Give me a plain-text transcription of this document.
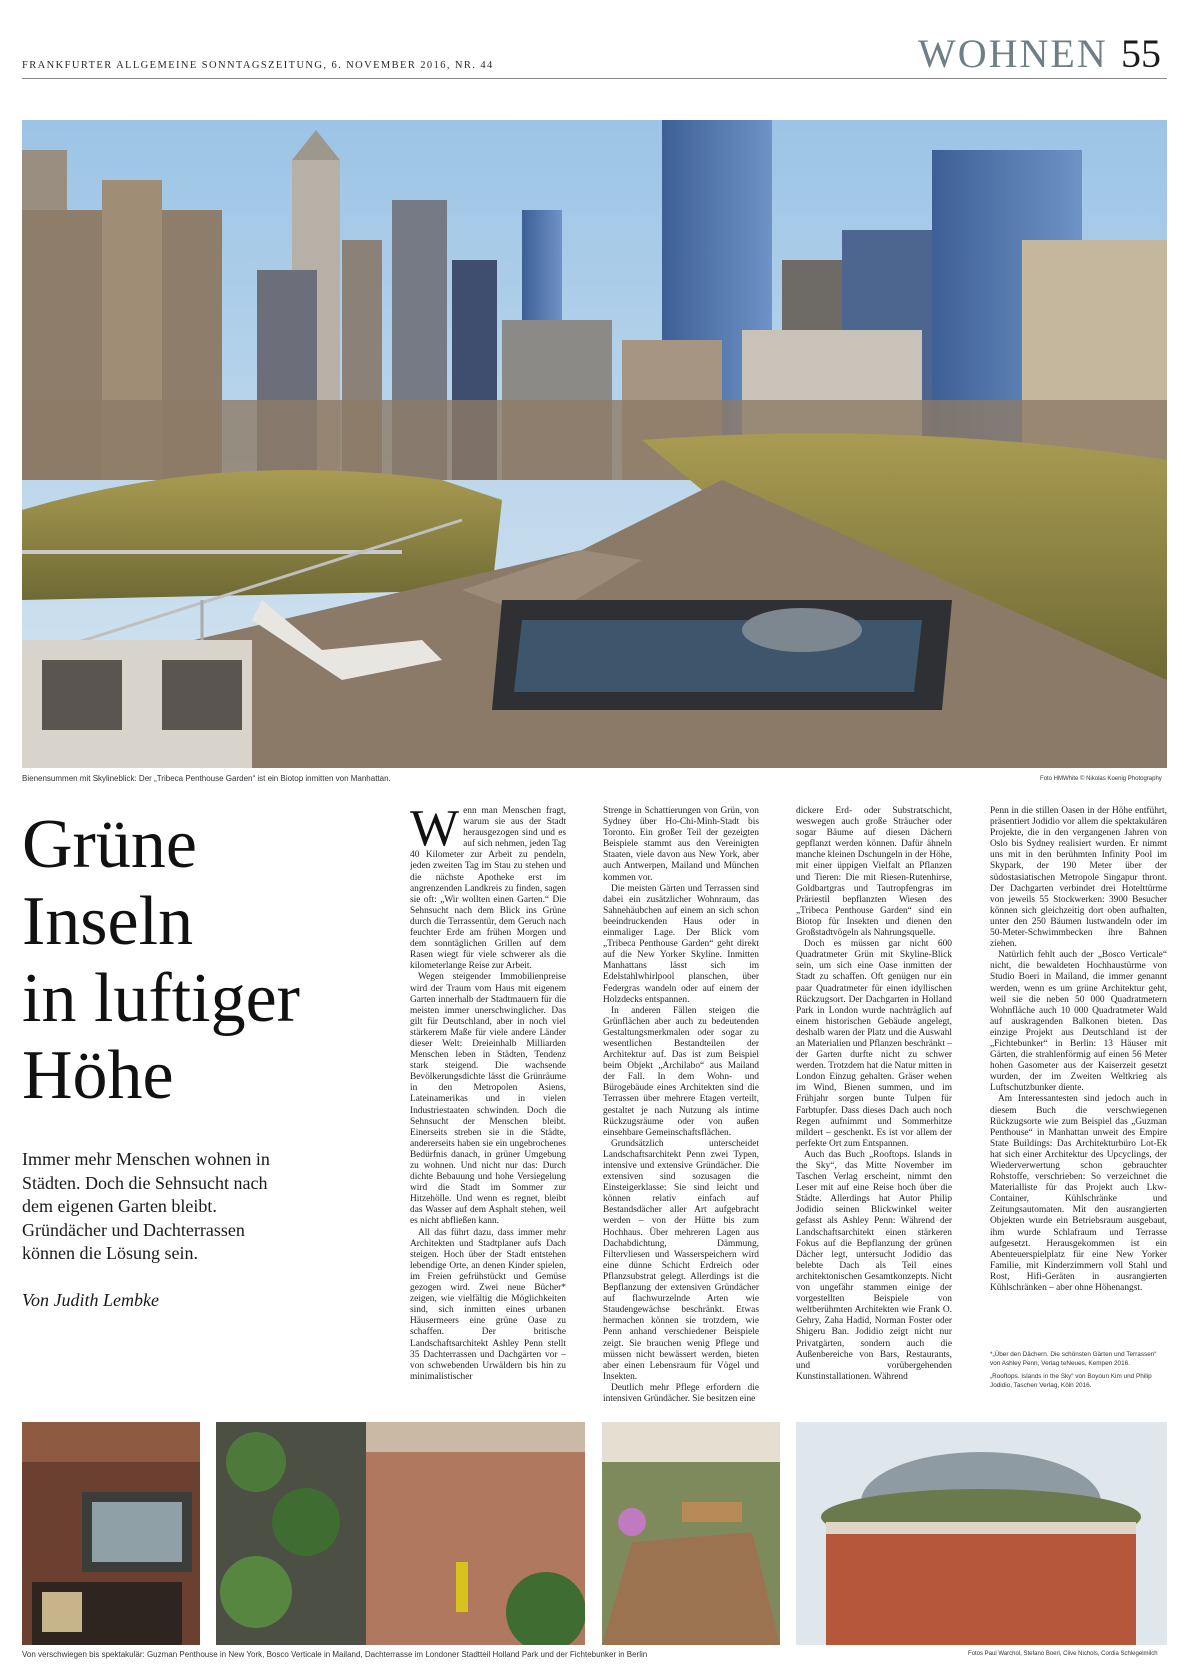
FRANKFURTER ALLGEMEINE SONNTAGSZEITUNG, 6. NOVEMBER 2016, NR. 44	WOHNEN 55
Bienensummen mit Skylineblick: Der „Tribeca Penthouse Garden“ ist ein Biotop inmitten von Manhattan.	Foto HMWhite © Nikolas Koenig Photography
Grüne
Inseln
in luftiger
Höhe
Immer mehr Menschen wohnen in Städten. Doch die Sehnsucht nach dem eigenen Garten bleibt. Gründächer und Dachterrassen können die Lösung sein.
Von Judith Lembke

Wenn man Menschen fragt, warum sie aus der Stadt herausgezogen sind und es auf sich nehmen, jeden Tag 40 Kilometer zur Arbeit zu pendeln, jeden zweiten Tag im Stau zu stehen und die nächste Apotheke erst im angrenzenden Landkreis zu finden, sagen sie oft: „Wir wollten einen Garten.“ Die Sehnsucht nach dem Blick ins Grüne durch die Terrassentür, dem Geruch nach feuchter Erde am frühen Morgen und dem sonntäglichen Grillen auf dem Rasen wiegt für viele schwerer als die kilometerlange Reise zur Arbeit.

Wegen steigender Immobilienpreise wird der Traum vom Haus mit eigenem Garten innerhalb der Stadtmauern für die meisten immer unerschwinglicher. Das gilt für Deutschland, aber in noch viel stärkerem Maße für viele andere Länder dieser Welt: Dreieinhalb Milliarden Menschen leben in Städten, Tendenz stark steigend. Die wachsende Bevölkerungsdichte lässt die Grünräume in den Metropolen Asiens, Lateinamerikas und in vielen Industriestaaten schwinden. Doch die Sehnsucht der Menschen bleibt. Einerseits streben sie in die Städte, andererseits haben sie ein ungebrochenes Bedürfnis danach, in grüner Umgebung zu wohnen. Und nicht nur das: Durch dichte Bebauung und hohe Versiegelung wird die Stadt im Sommer zur Hitzehölle. Und wenn es regnet, bleibt das Wasser auf dem Asphalt stehen, weil es nicht abfließen kann.

All das führt dazu, dass immer mehr Architekten und Stadtplaner aufs Dach steigen. Hoch über der Stadt entstehen lebendige Orte, an denen Kinder spielen, im Freien gefrühstückt und Gemüse gezogen wird. Zwei neue Bücher* zeigen, wie vielfältig die Möglichkeiten sind, sich inmitten eines urbanen Häusermeers eine grüne Oase zu schaffen. Der britische Landschaftsarchitekt Ashley Penn stellt 35 Dachterrassen und Dachgärten vor – von schwebenden Urwäldern bis hin zu minimalistischer

Strenge in Schattierungen von Grün, von Sydney über Ho-Chi-Minh-Stadt bis Toronto. Ein großer Teil der gezeigten Beispiele stammt aus den Vereinigten Staaten, viele davon aus New York, aber auch Antwerpen, Mailand und München kommen vor.

Die meisten Gärten und Terrassen sind dabei ein zusätzlicher Wohnraum, das Sahnehäubchen auf einem an sich schon beeindruckenden Haus oder in einmaliger Lage. Der Blick vom „Tribeca Penthouse Garden“ geht direkt auf die New Yorker Skyline. Inmitten Manhattans lässt sich im Edelstahlwhirlpool planschen, über Federgras wandeln oder auf einem der Holzdecks entspannen.

In anderen Fällen steigen die Grünflächen aber auch zu bedeutenden Gestaltungsmerkmalen oder sogar zu wesentlichen Bestandteilen der Architektur auf. Das ist zum Beispiel beim Objekt „Archilabo“ aus Mailand der Fall. In dem Wohn- und Bürogebäude eines Architekten sind die Terrassen über mehrere Etagen verteilt, gestaltet je nach Nutzung als intime Rückzugsräume oder von außen einsehbare Gemeinschaftsflächen.

Grundsätzlich unterscheidet Landschaftsarchitekt Penn zwei Typen, intensive und extensive Gründächer. Die extensiven sind sozusagen die Einsteigerklasse: Sie sind leicht und können relativ einfach auf Bestandsdächer aller Art aufgebracht werden – von der Hütte bis zum Hochhaus. Über mehreren Lagen aus Dachabdichtung, Dämmung, Filtervliesen und Wasserspeichern wird eine dünne Schicht Erdreich oder Pflanzsubstrat gelegt. Allerdings ist die Bepflanzung der extensiven Gründächer auf flachwurzelnde Arten wie Staudengewächse beschränkt. Etwas hermachen können sie trotzdem, wie Penn anhand verschiedener Beispiele zeigt. Sie brauchen wenig Pflege und müssen nicht bewässert werden, bieten aber einen Lebensraum für Vögel und Insekten.

Deutlich mehr Pflege erfordern die intensiven Gründächer. Sie besitzen eine

dickere Erd- oder Substratschicht, weswegen auch große Sträucher oder sogar Bäume auf diesen Dächern gepflanzt werden können. Dafür ähneln manche kleinen Dschungeln in der Höhe, mit einer üppigen Vielfalt an Pflanzen und Tieren: Die mit Riesen-Rutenhirse, Goldbartgras und Tautropfengras im Präriestil bepflanzten Wiesen des „Tribeca Penthouse Garden“ sind ein Biotop für Insekten und dienen den Großstadtvögeln als Nahrungsquelle.

Doch es müssen gar nicht 600 Quadratmeter Grün mit Skyline-Blick sein, um sich eine Oase inmitten der Stadt zu schaffen. Oft genügen nur ein paar Quadratmeter für einen idyllischen Rückzugsort. Der Dachgarten in Holland Park in London wurde nachträglich auf einem historischen Gebäude angelegt, deshalb waren der Platz und die Auswahl an Materialien und Pflanzen beschränkt – der Garten durfte nicht zu schwer werden. Trotzdem hat die Natur mitten in London Einzug gehalten. Gräser wehen im Wind, Bienen summen, und im Frühjahr sorgen bunte Tulpen für Farbtupfer. Dass dieses Dach auch noch Regen aufnimmt und Sommerhitze mildert – geschenkt. Es ist vor allem der perfekte Ort zum Entspannen.

Auch das Buch „Rooftops. Islands in the Sky“, das Mitte November im Taschen Verlag erscheint, nimmt den Leser mit auf eine Reise hoch über die Städte. Allerdings hat Autor Philip Jodidio seinen Blickwinkel weiter gefasst als Ashley Penn: Während der Landschaftsarchitekt einen stärkeren Fokus auf die Bepflanzung der grünen Dächer legt, untersucht Jodidio das belebte Dach als Teil eines architektonischen Gesamtkonzepts. Nicht von ungefähr stammen einige der vorgestellten Beispiele von weltberühmten Architekten wie Frank O. Gehry, Zaha Hadid, Norman Foster oder Shigeru Ban. Jodidio zeigt nicht nur Privatgärten, sondern auch die Außenbereiche von Bars, Restaurants, und vorübergehenden Kunstinstallationen. Während

Penn in die stillen Oasen in der Höhe entführt, präsentiert Jodidio vor allem die spektakulären Projekte, die in den vergangenen Jahren von Oslo bis Sydney realisiert wurden. Er nimmt uns mit in den berühmten Infinity Pool im Skypark, der 190 Meter über der südostasiatischen Metropole Singapur thront. Der Dachgarten verbindet drei Hotelttürme von jeweils 55 Stockwerken: 3900 Besucher können sich gleichzeitig dort oben aufhalten, unter den 250 Bäumen lustwandeln oder im 50-Meter-Schwimmbecken ihre Bahnen ziehen.

Natürlich fehlt auch der „Bosco Verticale“ nicht, die bewaldeten Hochhaustürme von Studio Boeri in Mailand, die immer genannt werden, wenn es um grüne Architektur geht, weil sie die neben 50 000 Quadratmetern Wohnfläche auch 10 000 Quadratmeter Wald auf auskragenden Balkonen bieten. Das einzige Projekt aus Deutschland ist der „Fichtebunker“ in Berlin: 13 Häuser mit Gärten, die strahlenförmig auf einen 56 Meter hohen Gasometer aus der Kaiserzeit gesetzt wurden, der im Zweiten Weltkrieg als Luftschutzbunker diente.

Am Interessantesten sind jedoch auch in diesem Buch die verschwiegenen Rückzugsorte wie zum Beispiel das „Guzman Penthouse“ in Manhattan unweit des Empire State Buildings: Das Architekturbüro Lot-Ek hat sich einer Architektur des Upcyclings, der Wiederverwertung schon gebrauchter Rohstoffe, verschrieben: So verzeichnet die Materialliste für das Projekt auch Lkw-Container, Kühlschränke und Zeitungsautomaten. Mit den ausrangierten Objekten wurde ein Betriebsraum ausgebaut, ihm wurde Schlafraum und Terrasse aufgesetzt. Herausgekommen ist ein Abenteuerspielplatz für eine New Yorker Familie, mit Kinderzimmern voll Stahl und Rost, Hifi-Geräten in ausrangierten Kühlschränken – aber ohne Höhenangst.

*„Über den Dächern. Die schönsten Gärten und Terrassen“ von Ashley Penn, Verlag teNeues, Kempen 2016.
„Rooftops. Islands in the Sky“ von Boyoun Kim und Philip Jodidio, Taschen Verlag, Köln 2016.
Von verschwiegen bis spektakulär: Guzman Penthouse in New York, Bosco Verticale in Mailand, Dachterrasse im Londoner Stadtteil Holland Park und der Fichtebunker in Berlin	Fotos Paul Warchol, Stefano Boeri, Clive Nichols, Cordia Schlegelmilch
